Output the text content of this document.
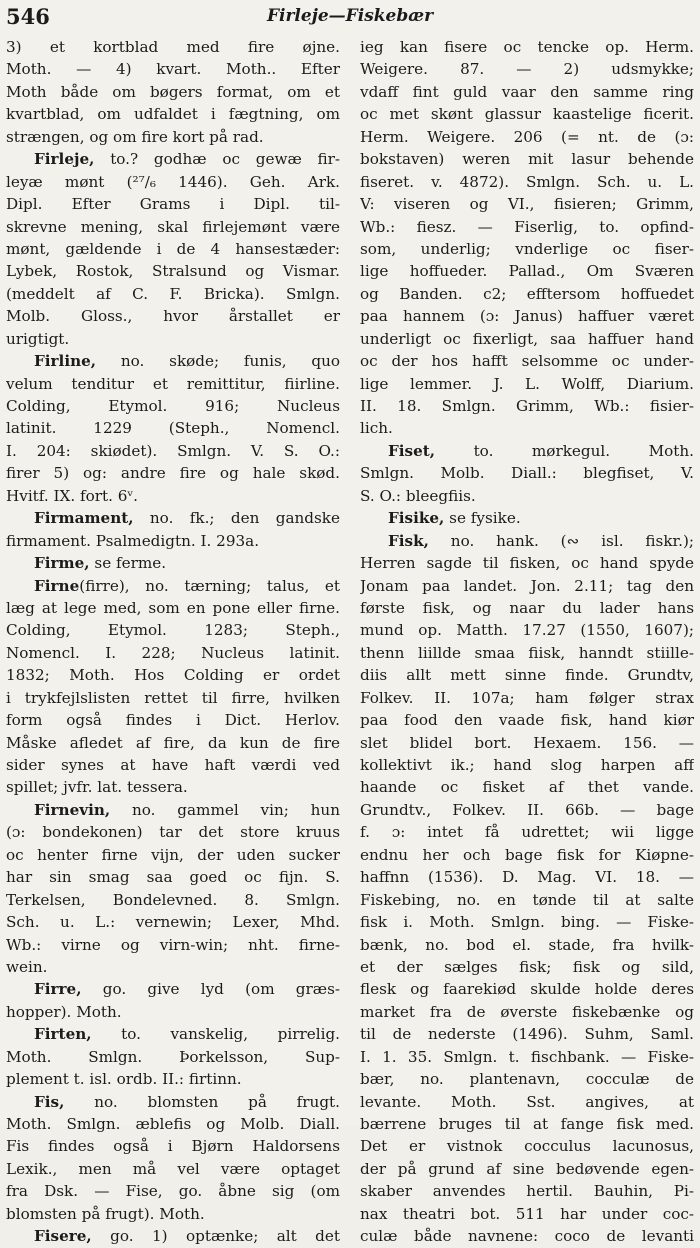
546	Firleje—Fiskebær
3) et kortblad med fire øjne.
Moth. — 4) kvart. Moth.. Efter
Moth både om bøgers format, om et
kvartblad, om udfaldet i fægtning, om
strængen, og om fire kort på rad.
Firleje, to.? godhæ oc gewæ fir-
leyæ mønt (²⁷/₆ 1446). Geh. Ark.
Dipl. Efter Grams i Dipl. til-
skrevne mening, skal firlejemønt være
mønt, gældende i de 4 hansestæder:
Lybek, Rostok, Stralsund og Vismar.
(meddelt af C. F. Bricka). Smlgn.
Molb. Gloss., hvor årstallet er
urigtigt.
Firline, no. skøde; funis, quo
velum tenditur et remittitur, fiirline.
Colding, Etymol. 916; Nucleus
latinit. 1229 (Steph., Nomencl.
I. 204: skiødet). Smlgn. V. S. O.:
firer 5) og: andre fire og hale skød.
Hvitf. IX. fort. 6ᵛ.
Firmament, no. fk.; den gandske
firmament. Psalmedigtn. I. 293a.
Firme, se ferme.
Firne(firre), no. tærning; talus, et
læg at lege med, som en pone eller firne.
Colding, Etymol. 1283; Steph.,
Nomencl. I. 228; Nucleus latinit.
1832; Moth. Hos Colding er ordet
i trykfejlslisten rettet til firre, hvilken
form også findes i Dict. Herlov.
Måske afledet af fire, da kun de fire
sider synes at have haft værdi ved
spillet; jvfr. lat. tessera.
Firnevin, no. gammel vin; hun
(ɔ: bondekonen) tar det store kruus
oc henter firne vijn, der uden sucker
har sin smag saa goed oc fijn. S.
Terkelsen, Bondelevned. 8. Smlgn.
Sch. u. L.: vernewin; Lexer, Mhd.
Wb.: virne og virn-win; nht. firne-
wein.
Firre, go. give lyd (om græs-
hopper). Moth.
Firten, to. vanskelig, pirrelig.
Moth. Smlgn. Þorkelsson, Sup-
plement t. isl. ordb. II.: firtinn.
Fis, no. blomsten på frugt.
Moth. Smlgn. æblefis og Molb. Diall.
Fis findes også i Bjørn Haldorsens
Lexik., men må vel være optaget
fra Dsk. — Fise, go. åbne sig (om
blomsten på frugt). Moth.
Fisere, go. 1) optænke; alt det
ieg kan fisere oc tencke op. Herm.
Weigere. 87. — 2) udsmykke;
vdaff fint guld vaar den samme ring
oc met skønt glassur kaastelige ficerit.
Herm. Weigere. 206 (= nt. de (ɔ:
bokstaven) weren mit lasur behende
fiseret. v. 4872). Smlgn. Sch. u. L.
V: viseren og VI., fisieren; Grimm,
Wb.: fiesz. — Fiserlig, to. opfind-
som, underlig; vnderlige oc fiser-
lige hoffueder. Pallad., Om Sværen
og Banden. c2; efftersom hoffuedet
paa hannem (ɔ: Janus) haffuer været
underligt oc fixerligt, saa haffuer hand
oc der hos hafft selsomme oc under-
lige lemmer. J. L. Wolff, Diarium.
II. 18. Smlgn. Grimm, Wb.: fisier-
lich.
Fiset, to. mørkegul. Moth.
Smlgn. Molb. Diall.: blegfiset, V.
S. O.: bleegfiis.
Fisike, se fysike.
Fisk, no. hank. (∾ isl. fiskr.);
Herren sagde til fisken, oc hand spyde
Jonam paa landet. Jon. 2.11; tag den
første fisk, og naar du lader hans
mund op. Matth. 17.27 (1550, 1607);
thenn liillde smaa fiisk, hanndt stiille-
diis allt mett sinne finde. Grundtv,
Folkev. II. 107a; ham følger strax
paa food den vaade fisk, hand kiør
slet blidel bort. Hexaem. 156. —
kollektivt ik.; hand slog harpen aff
haande oc fisket af thet vande.
Grundtv., Folkev. II. 66b. — bage
f. ɔ: intet få udrettet; wii ligge
endnu her och bage fisk for Kiøpne-
haffnn (1536). D. Mag. VI. 18. —
Fiskebing, no. en tønde til at salte
fisk i. Moth. Smlgn. bing. — Fiske-
bænk, no. bod el. stade, fra hvilk-
et der sælges fisk; fisk og sild,
flesk og faarekiød skulde holde deres
market fra de øverste fiskebænke og
til de nederste (1496). Suhm, Saml.
I. 1. 35. Smlgn. t. fischbank. — Fiske-
bær, no. plantenavn, cocculæ de
levante. Moth. Sst. angives, at
bærrene bruges til at fange fisk med.
Det er vistnok cocculus lacunosus,
der på grund af sine bedøvende egen-
skaber anvendes hertil. Bauhin, Pi-
nax theatri bot. 511 har under coc-
culæ både navnene: coco de levanti
